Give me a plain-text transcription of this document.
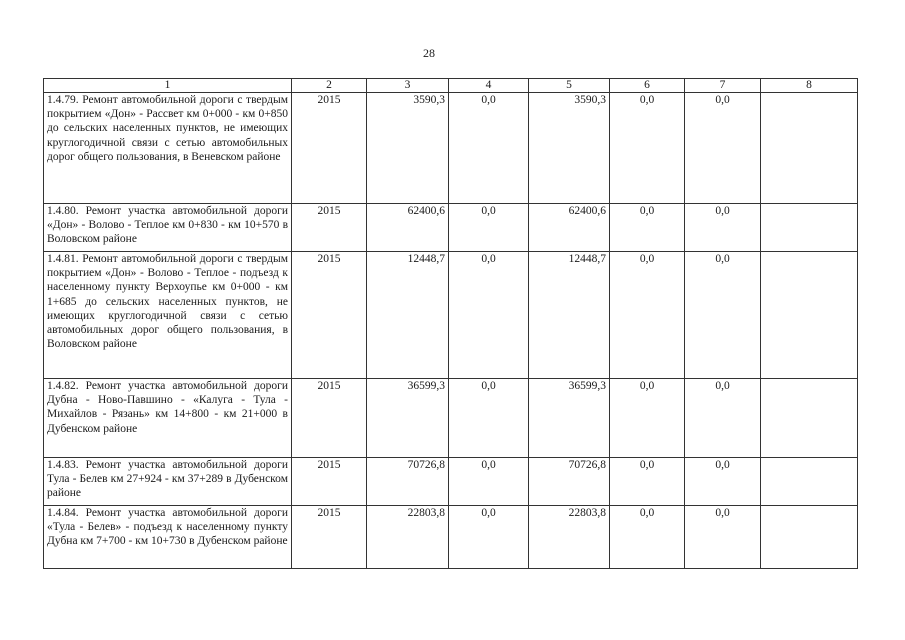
28
1	2	3	4	5	6	7	8
1.4.79. Ремонт автомобильной дороги с твердым покрытием «Дон» - Рассвет км 0+000 - км 0+850 до сельских населенных пунктов, не имеющих круглогодичной связи с сетью автомобильных дорог общего пользования, в Веневском районе	2015	3590,3	0,0	3590,3	0,0	0,0	
1.4.80. Ремонт участка автомобильной дороги «Дон» - Волово - Теплое км 0+830 - км 10+570 в Воловском районе	2015	62400,6	0,0	62400,6	0,0	0,0	
1.4.81. Ремонт автомобильной дороги с твердым покрытием «Дон» - Волово - Теплое - подъезд к населенному пункту Верхоупье км 0+000 - км 1+685 до сельских населенных пунктов, не имеющих круглогодичной связи с сетью автомобильных дорог общего пользования, в Воловском районе	2015	12448,7	0,0	12448,7	0,0	0,0	
1.4.82. Ремонт участка автомобильной дороги Дубна - Ново-Павшино - «Калуга - Тула - Михайлов - Рязань» км 14+800 - км 21+000 в Дубенском районе	2015	36599,3	0,0	36599,3	0,0	0,0	
1.4.83. Ремонт участка автомобильной дороги Тула - Белев км 27+924 - км 37+289 в Дубенском районе	2015	70726,8	0,0	70726,8	0,0	0,0	
1.4.84. Ремонт участка автомобильной дороги «Тула - Белев» - подъезд к населенному пункту Дубна км 7+700 - км 10+730 в Дубенском районе	2015	22803,8	0,0	22803,8	0,0	0,0	
